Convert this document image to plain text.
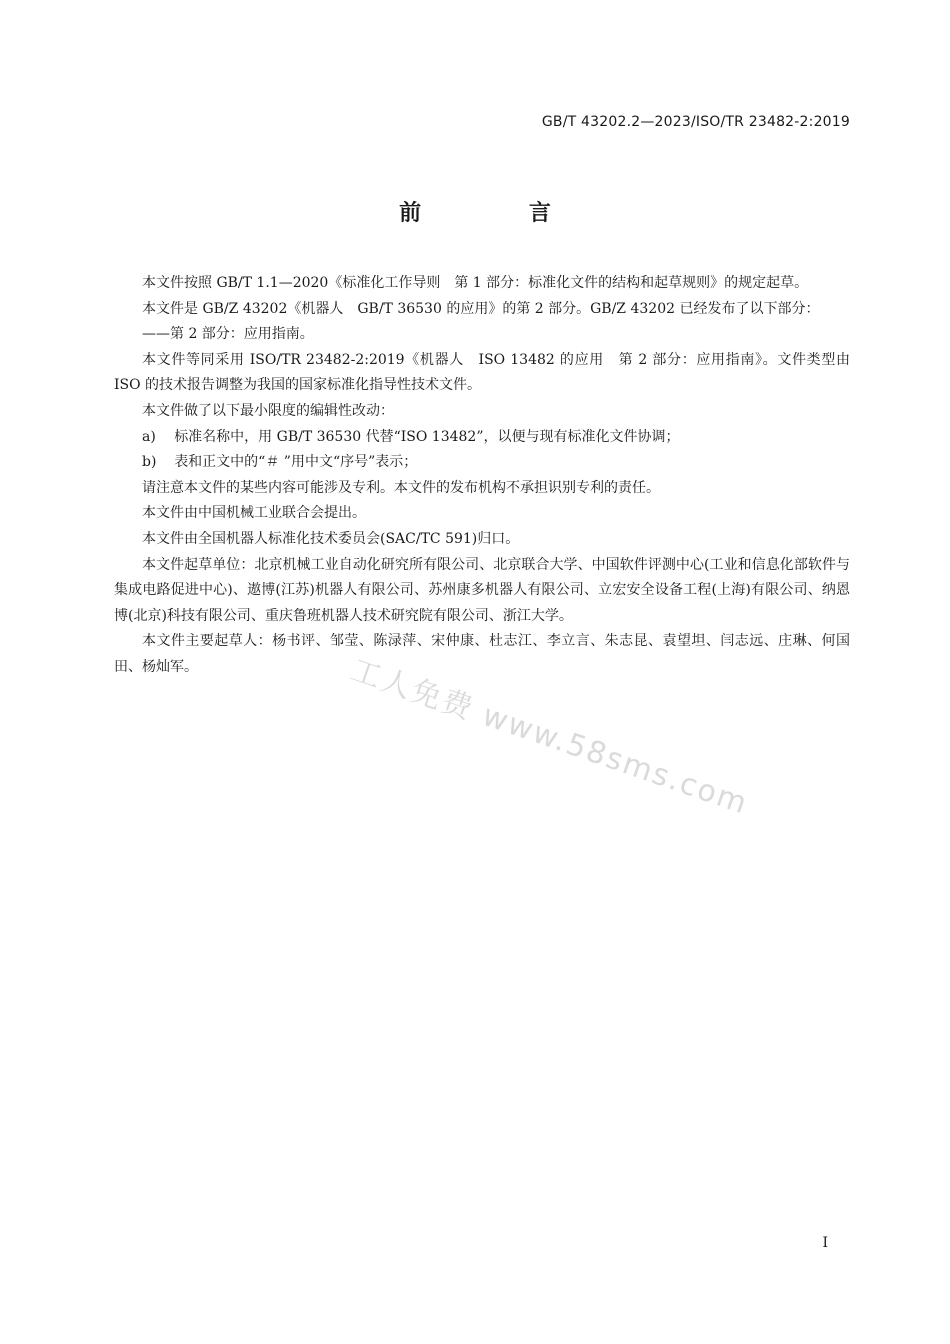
GB/T 43202.2—2023/ISO/TR 23482-2:2019
前 言

本文件按照 GB/T 1.1—2020《标准化工作导则　第 1 部分：标准化文件的结构和起草规则》的规定起草。

本文件是 GB/Z 43202《机器人　GB/T 36530 的应用》的第 2 部分。GB/Z 43202 已经发布了以下部分：

——第 2 部分：应用指南。

本文件等同采用 ISO/TR 23482-2:2019《机器人　ISO 13482 的应用　第 2 部分：应用指南》。文件类型由 ISO 的技术报告调整为我国的国家标准化指导性技术文件。

本文件做了以下最小限度的编辑性改动：

a) 标准名称中，用 GB/T 36530 代替“ISO 13482”，以便与现有标准化文件协调；

b) 表和正文中的“＃ ”用中文“序号”表示；

请注意本文件的某些内容可能涉及专利。本文件的发布机构不承担识别专利的责任。

本文件由中国机械工业联合会提出。

本文件由全国机器人标准化技术委员会(SAC/TC 591)归口。

本文件起草单位：北京机械工业自动化研究所有限公司、北京联合大学、中国软件评测中心(工业和信息化部软件与集成电路促进中心)、遨博(江苏)机器人有限公司、苏州康多机器人有限公司、立宏安全设备工程(上海)有限公司、纳恩博(北京)科技有限公司、重庆鲁班机器人技术研究院有限公司、浙江大学。

本文件主要起草人：杨书评、邹莹、陈渌萍、宋仲康、杜志江、李立言、朱志昆、袁望坦、闫志远、庄琳、何国田、杨灿军。	工人免费 www.58sms.com
I
